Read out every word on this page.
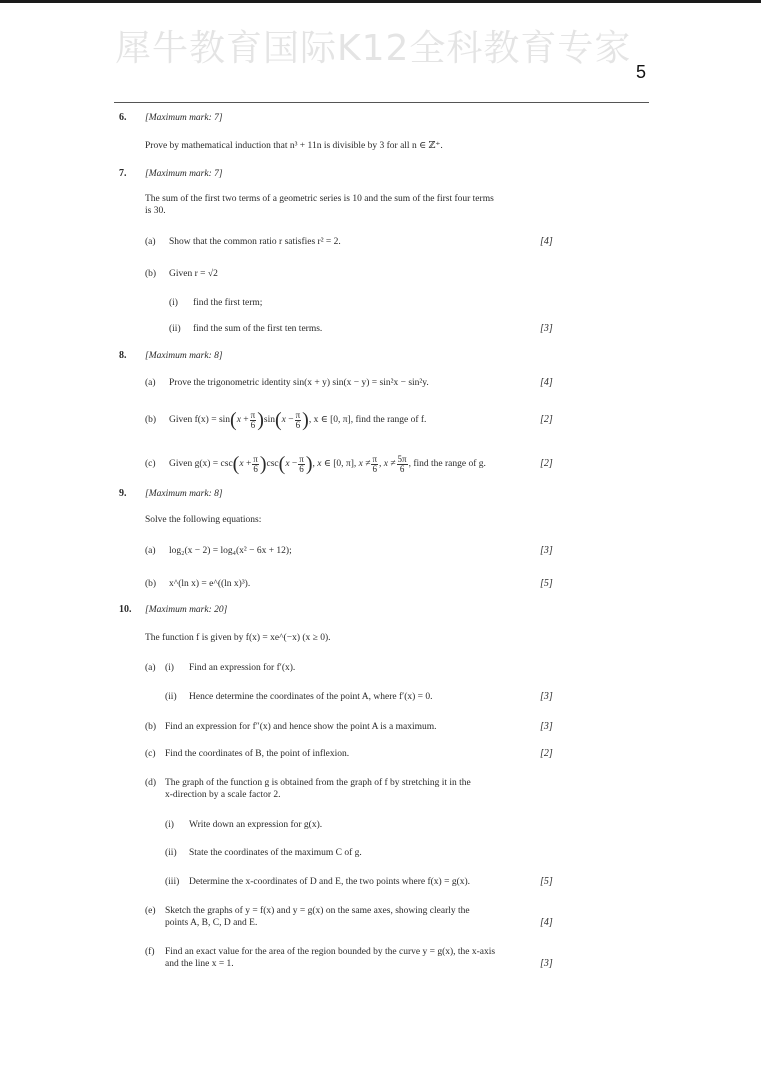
犀牛教育国际K12全科教育专家
5
6. [Maximum mark: 7]
Prove by mathematical induction that n³ + 11n is divisible by 3 for all n ∈ ℤ⁺.
7. [Maximum mark: 7]
The sum of the first two terms of a geometric series is 10 and the sum of the first four terms
is 30.
(a) Show that the common ratio r satisfies r² = 2.	[4]
(b) Given r = √2
(i) find the first term;
(ii) find the sum of the first ten terms.	[3]
8. [Maximum mark: 8]
(a) Prove the trigonometric identity sin(x + y) sin(x − y) = sin²x − sin²y.	[4]
(b) Given $f(x) = \sin(x + \frac{\pi}{6} )\sin(x - \frac{\pi}{6}$ ), x ∈ [0, π], find the range of f.	[2]
(c) Given $g(x) = \csc(x + \frac{\pi}{6} )\csc(x - \frac{\pi}{6}$ ), x ∈ [0, π], $x \ne \frac{\pi}{6}$ , $x \ne \frac{5\pi}{6}$ , find the range of g.	[2]
9. [Maximum mark: 8]
Solve the following equations:
(a) log₂(x − 2) = log₄(x² − 6x + 12);	[3]
(b) x^(ln x) = e^((ln x)³).	[5]
10. [Maximum mark: 20]
The function f is given by f(x) = xe^(−x) (x ≥ 0).
(a) (i) Find an expression for f′(x).
(ii) Hence determine the coordinates of the point A, where f′(x) = 0.	[3]
(b) Find an expression for f″(x) and hence show the point A is a maximum.	[3]
(c) Find the coordinates of B, the point of inflexion.	[2]
(d) The graph of the function g is obtained from the graph of f by stretching it in the
x-direction by a scale factor 2.
(i) Write down an expression for g(x).
(ii) State the coordinates of the maximum C of g.
(iii) Determine the x-coordinates of D and E, the two points where f(x) = g(x).	[5]
(e) Sketch the graphs of y = f(x) and y = g(x) on the same axes, showing clearly the
points A, B, C, D and E.	[4]
(f) Find an exact value for the area of the region bounded by the curve y = g(x), the x-axis
and the line x = 1.	[3]
